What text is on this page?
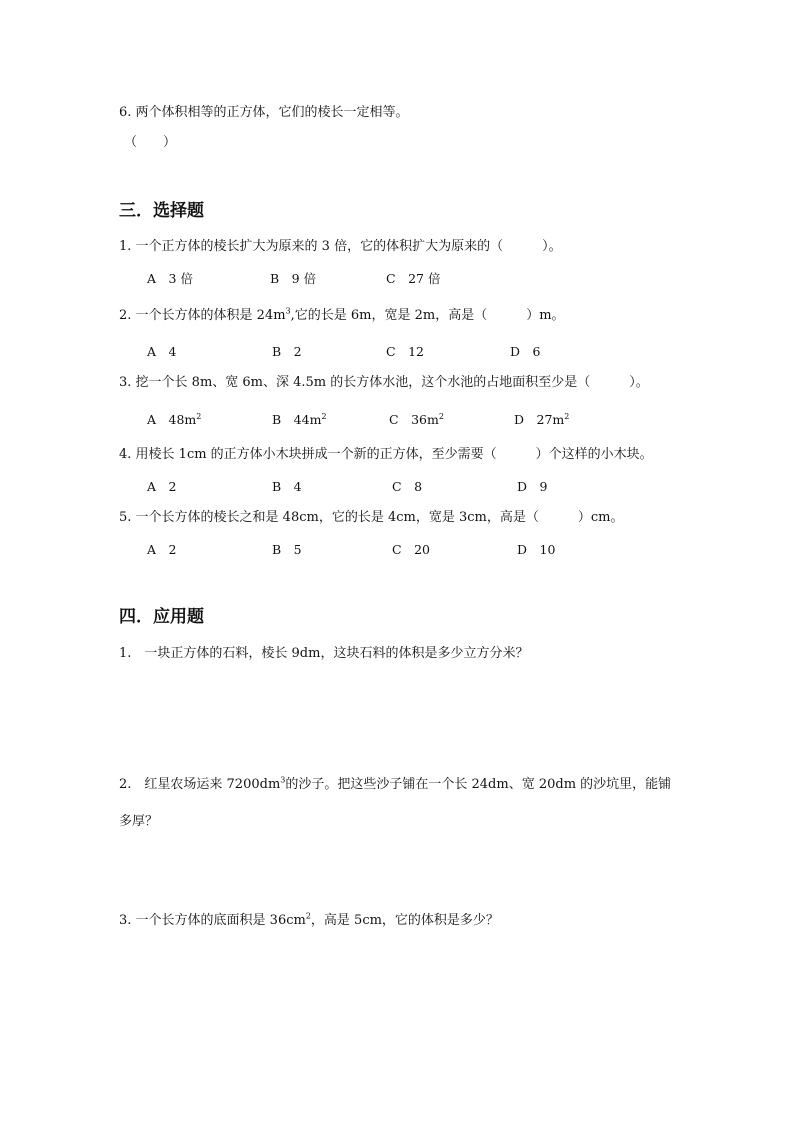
6. 两个体积相等的正方体，它们的棱长一定相等。

（　　）

三．选择题

1. 一个正方体的棱长扩大为原来的 3 倍，它的体积扩大为原来的（　　　）。

A　3 倍	B　9 倍	C　27 倍

2. 一个长方体的体积是 $24m^3$,它的长是 6m，宽是 2m，高是（　　　）m。

A　4	B　2	C　12	D　6

3. 挖一个长 8m、宽 6m、深 4.5m 的长方体水池，这个水池的占地面积至少是（　　　）。

A　$48m^2$	B　$44m^2$	C　$36m^2$	D　$27m^2$

4. 用棱长 1cm 的正方体小木块拼成一个新的正方体，至少需要（　　　）个这样的小木块。

A　2	B　4	C　8	D　9

5. 一个长方体的棱长之和是 48cm，它的长是 4cm，宽是 3cm，高是（　　　）cm。

A　2	B　5	C　20	D　10
四．应用题

1.　一块正方体的石料，棱长 9dm，这块石料的体积是多少立方分米？

2.　红星农场运来 $7200dm^3$的沙子。把这些沙子铺在一个长 24dm、宽 20dm 的沙坑里，能铺

多厚？

3. 一个长方体的底面积是 $36cm^2$，高是 5cm，它的体积是多少？
